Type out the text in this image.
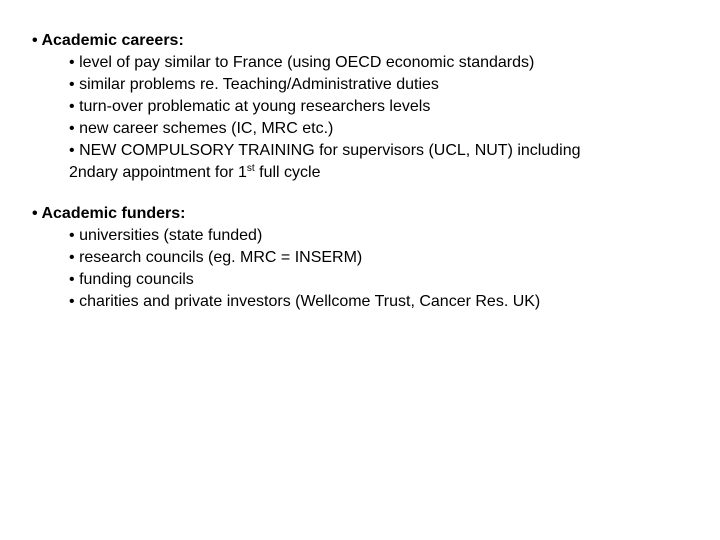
• Academic careers:
• level of pay similar to France (using OECD economic standards)
• similar problems re. Teaching/Administrative duties
• turn-over problematic at young researchers levels
• new career schemes (IC, MRC etc.)
• NEW COMPULSORY TRAINING for supervisors (UCL, NUT) including
2ndary appointment for 1st full cycle
• Academic funders:
• universities (state funded)
• research councils (eg. MRC = INSERM)
• funding councils
• charities and private investors (Wellcome Trust, Cancer Res. UK)
